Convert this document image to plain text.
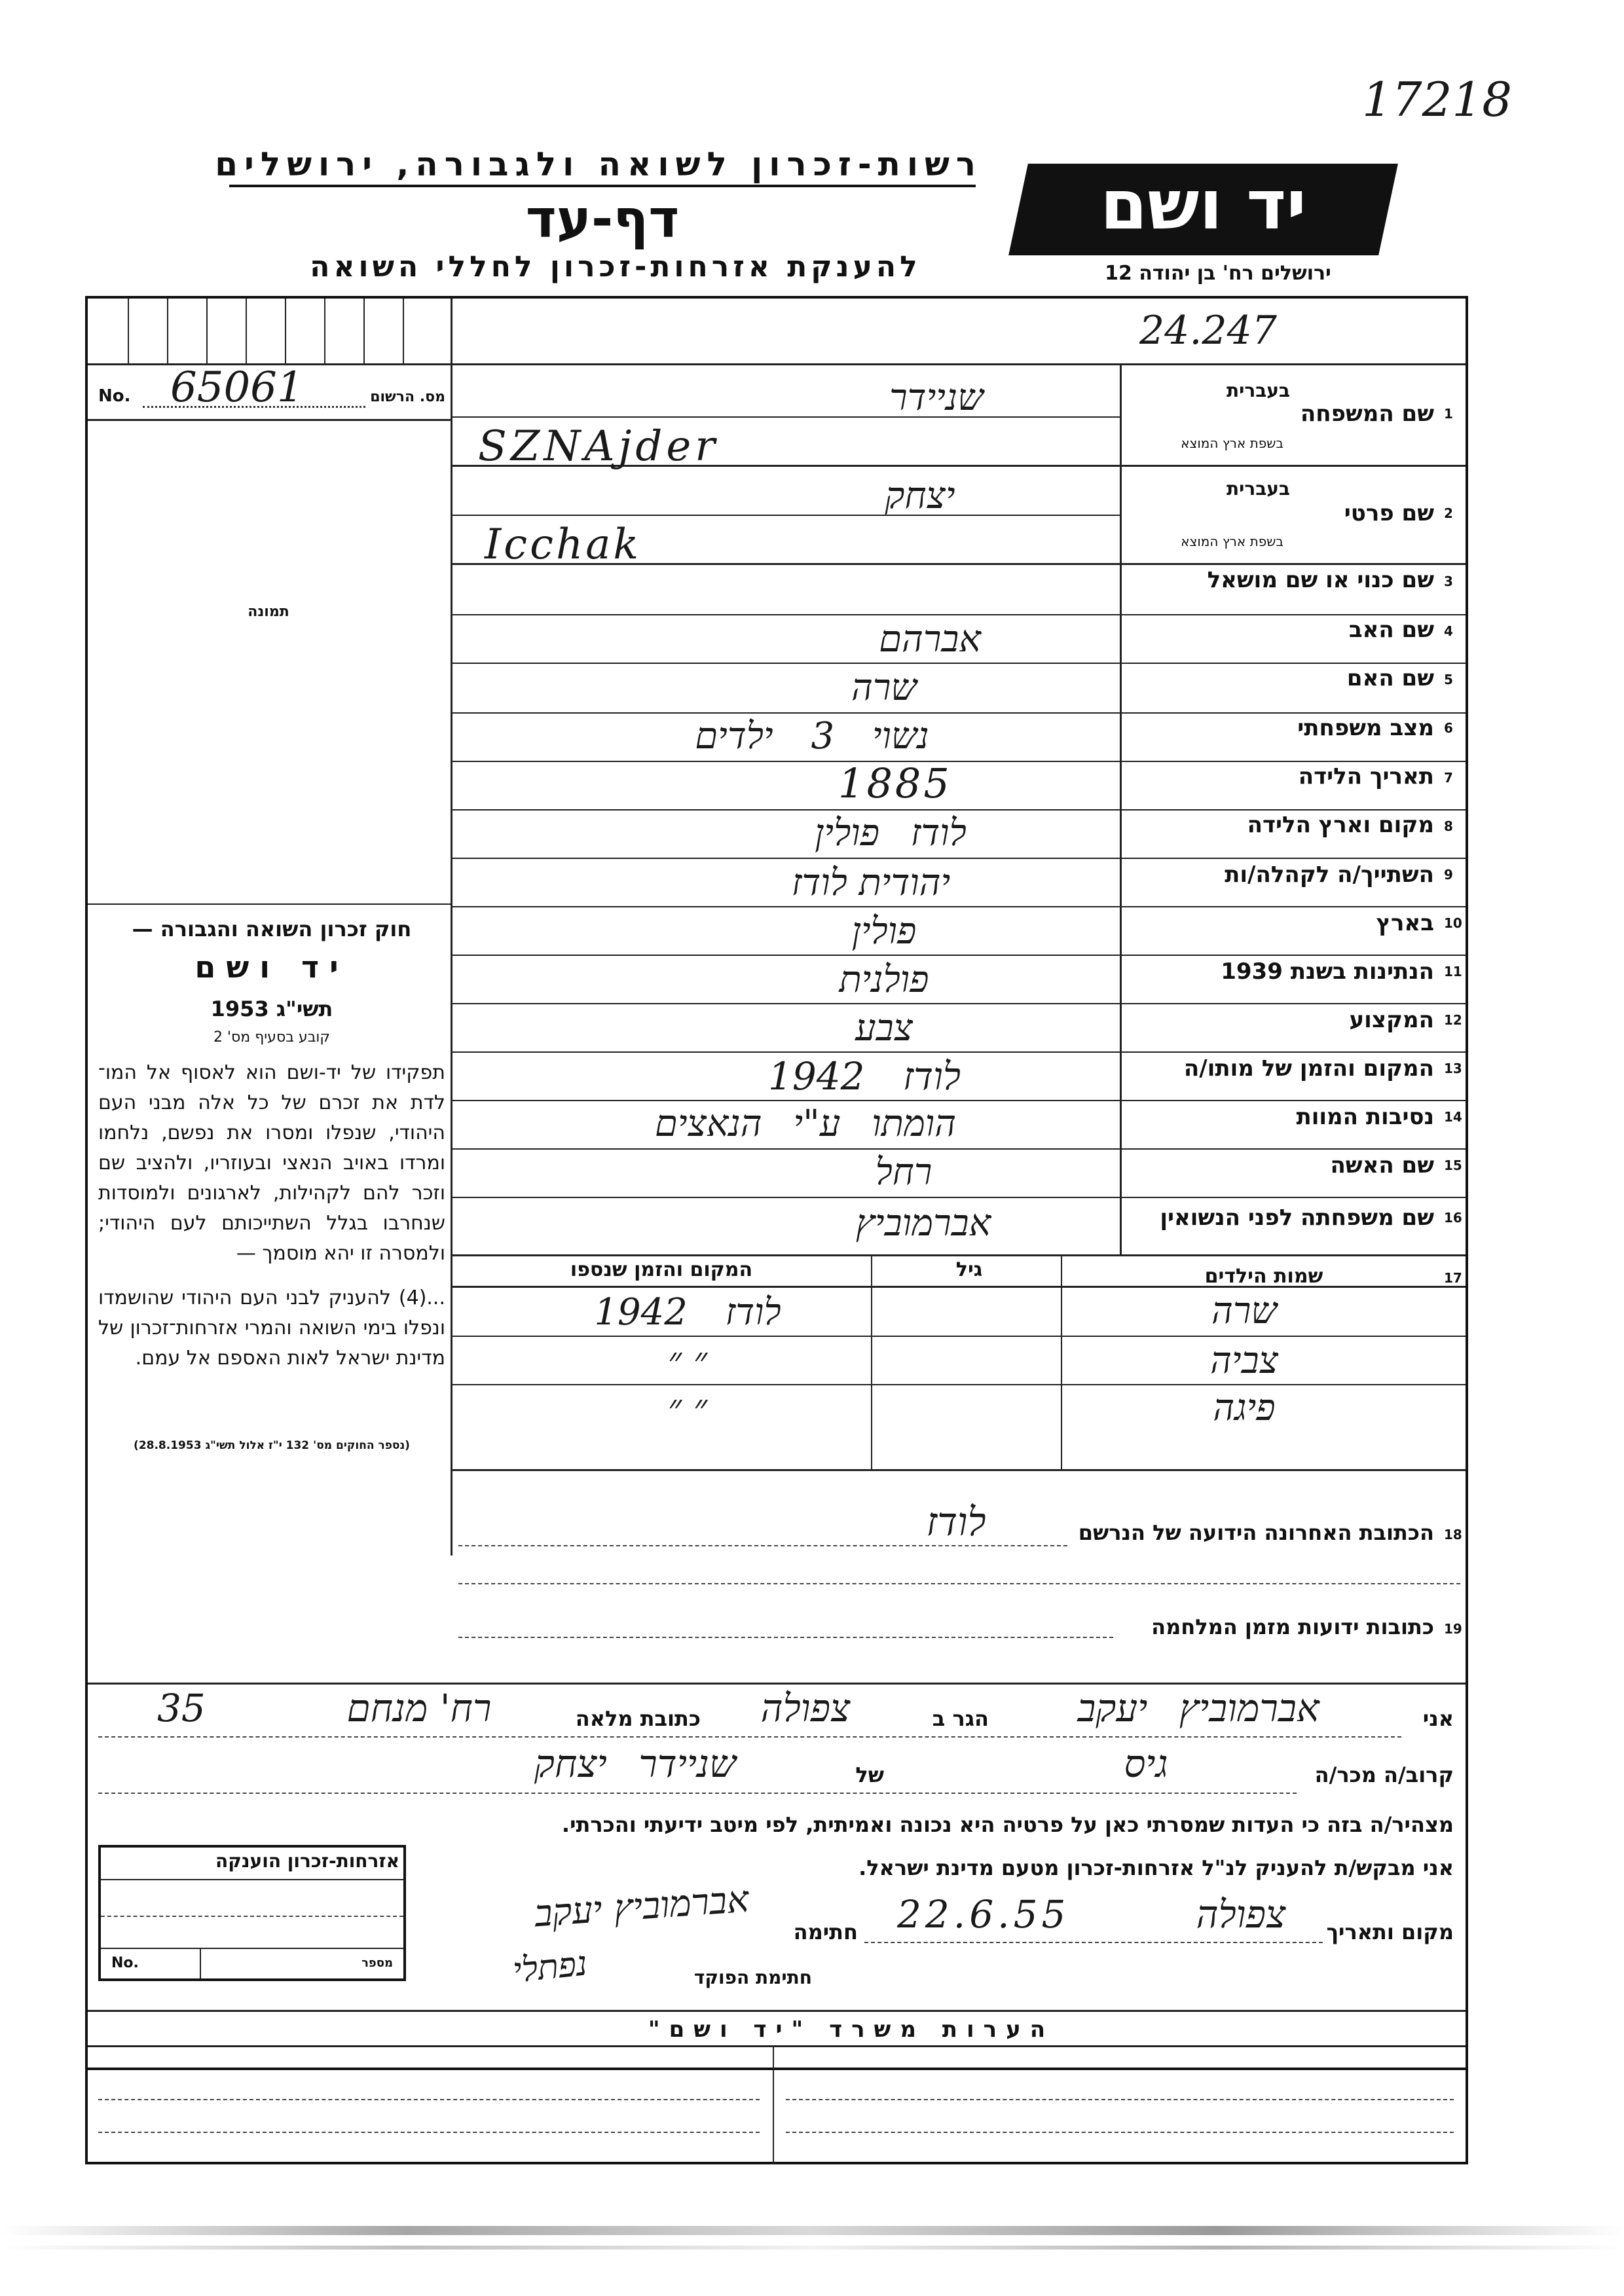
17218
רשות-זכרון לשואה ולגבורה, ירושלים
דף-עד
להענקת אזרחות-זכרון לחללי השואה
יד ושם
ירושלים רח' בן יהודה 12
24.247
No. 65061	מס. הרשום
תמונה
חוק זכרון השואה והגבורה —
יד ושם
תשי"ג 1953
קובע בסעיף מס' 2
תפקידו של יד-ושם הוא לאסוף אל המו־ לדת את זכרם של כל אלה מבני העם היהודי, שנפלו ומסרו את נפשם, נלחמו ומרדו באויב הנאצי ובעוזריו, ולהציב שם וזכר להם לקהילות, לארגונים ולמוסדות שנחרבו בגלל השתייכותם לעם היהודי; ולמסרה זו יהא מוסמך —
...(4) להעניק לבני העם היהודי שהושמדו ונפלו בימי השואה והמרי אזרחות־זכרון של מדינת ישראל לאות האספם אל עמם.
(נספר החוקים מס' 132 י"ז אלול תשי"ג 28.8.1953)
1
שם המשפחה
בעברית
בשפת ארץ המוצא
שניידר
SZNAjder
2
שם פרטי
בעברית
בשפת ארץ המוצא
יצחק
Icchak
3
שם כנוי או שם מושאל
4
שם האב
אברהם
5
שם האם
שרה
6
מצב משפחתי
נשוי 3 ילדים
7
תאריך הלידה
1885
8
מקום וארץ הלידה
לודז פולין
9
השתייך/ה לקהלה/ות
יהודית לודז
10
בארץ
פולין
11
הנתינות בשנת 1939
פולנית
12
המקצוע
צבע
13
המקום והזמן של מותו/ה
לודז 1942
14
נסיבות המוות
הומתו ע"י הנאצים
15
שם האשה
רחל
16
שם משפחתה לפני הנשואין
אברמוביץ
17
שמות הילדים
גיל
המקום והזמן שנספו
שרה
לודז 1942
צביה
״ ״
פיגה
״ ״
18
הכתובת האחרונה הידועה של הנרשם
לודז
19
כתובות ידועות מזמן המלחמה
אני
אברמוביץ יעקב
הגר ב
צפולה
כתובת מלאה
רח' מנחם
35
קרוב/ה מכר/ה
גיס
של
שניידר יצחק
מצהיר/ה בזה כי העדות שמסרתי כאן על פרטיה היא נכונה ואמיתית, לפי מיטב ידיעתי והכרתי.
אני מבקש/ת להעניק לנ"ל אזרחות-זכרון מטעם מדינת ישראל.
מקום ותאריך
צפולה
22.6.55
חתימה
אברמוביץ יעקב
חתימת הפוקד
נפתלי
אזרחות-זכרון הוענקה
No.	מספר
הערות משרד "יד ושם"
